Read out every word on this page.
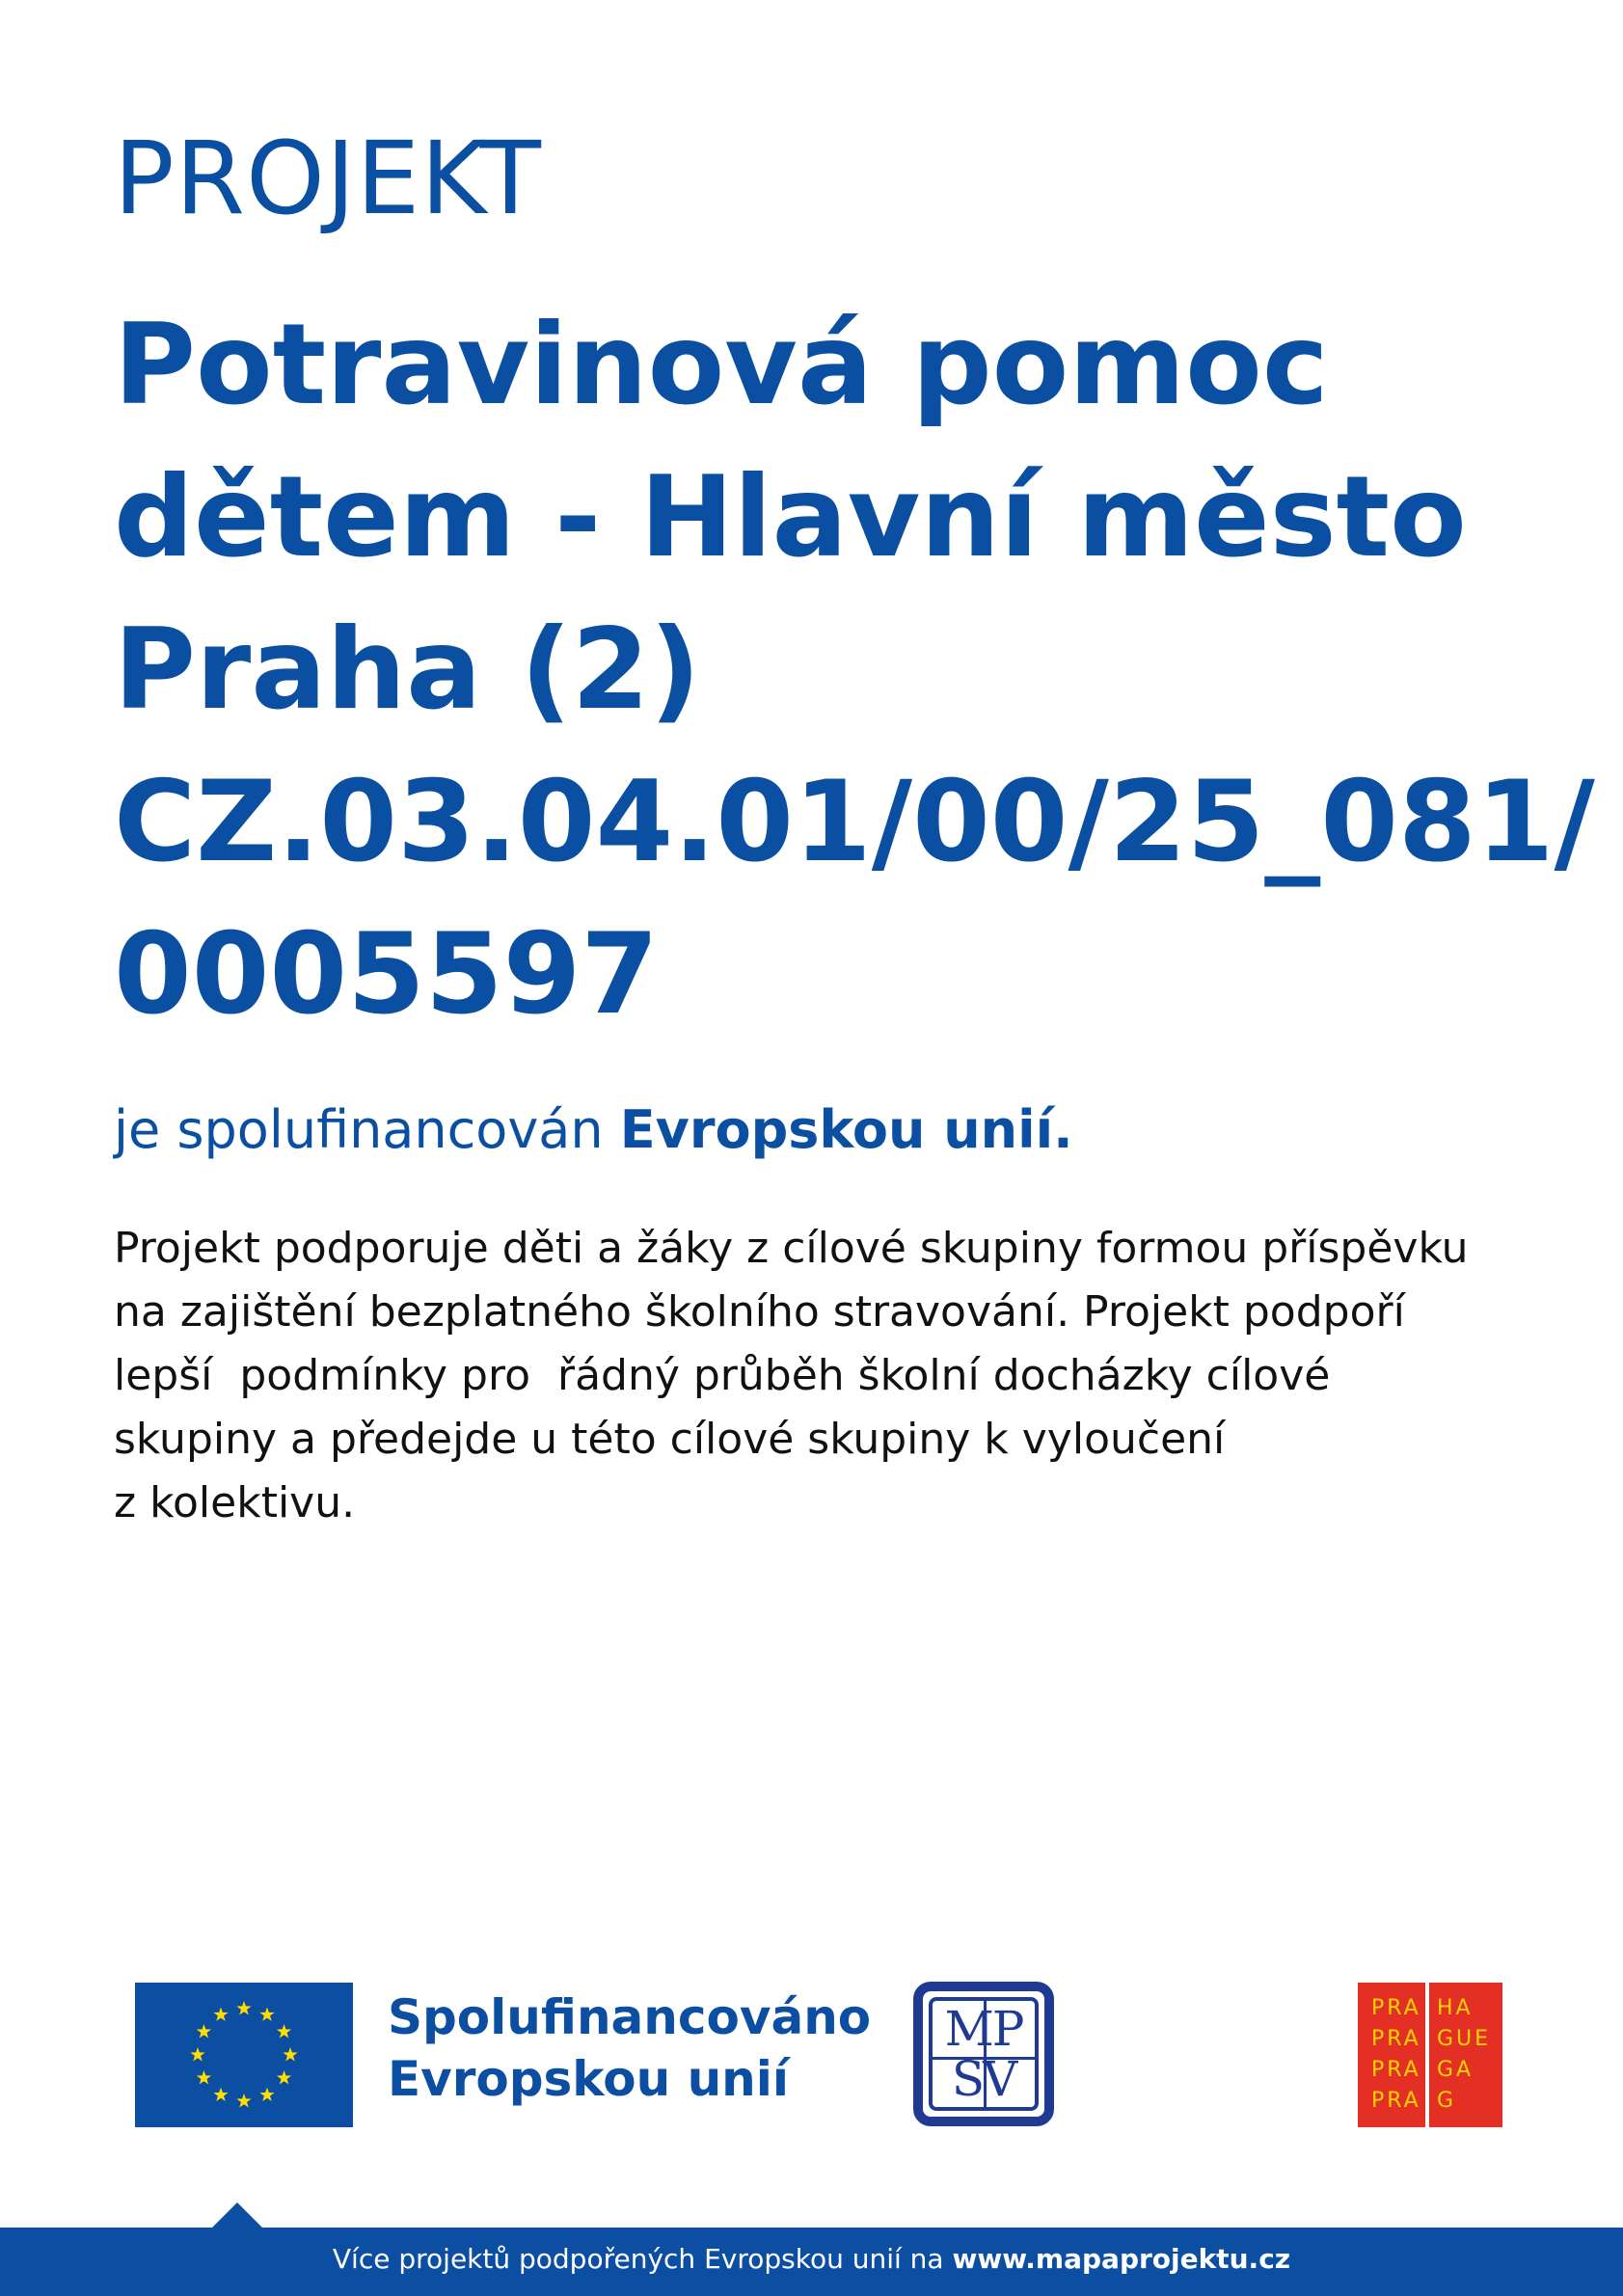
PROJEKT
Potravinová pomoc
dětem - Hlavní město
Praha (2)
CZ.03.04.01/00/25_081/
0005597
je spolufinancován Evropskou unií.
Projekt podporuje děti a žáky z cílové skupiny formou příspěvku
na zajištění bezplatného školního stravování. Projekt podpoří
lepší  podmínky pro  řádný průběh školní docházky cílové
skupiny a předejde u této cílové skupiny k vyloučení
z kolektivu.
Spolufinancováno
Evropskou unií
MP
SV
PRA HA
PRA GUE
PRA GA
PRA G
Více projektů podpořených Evropskou unií na www.mapaprojektu.cz
